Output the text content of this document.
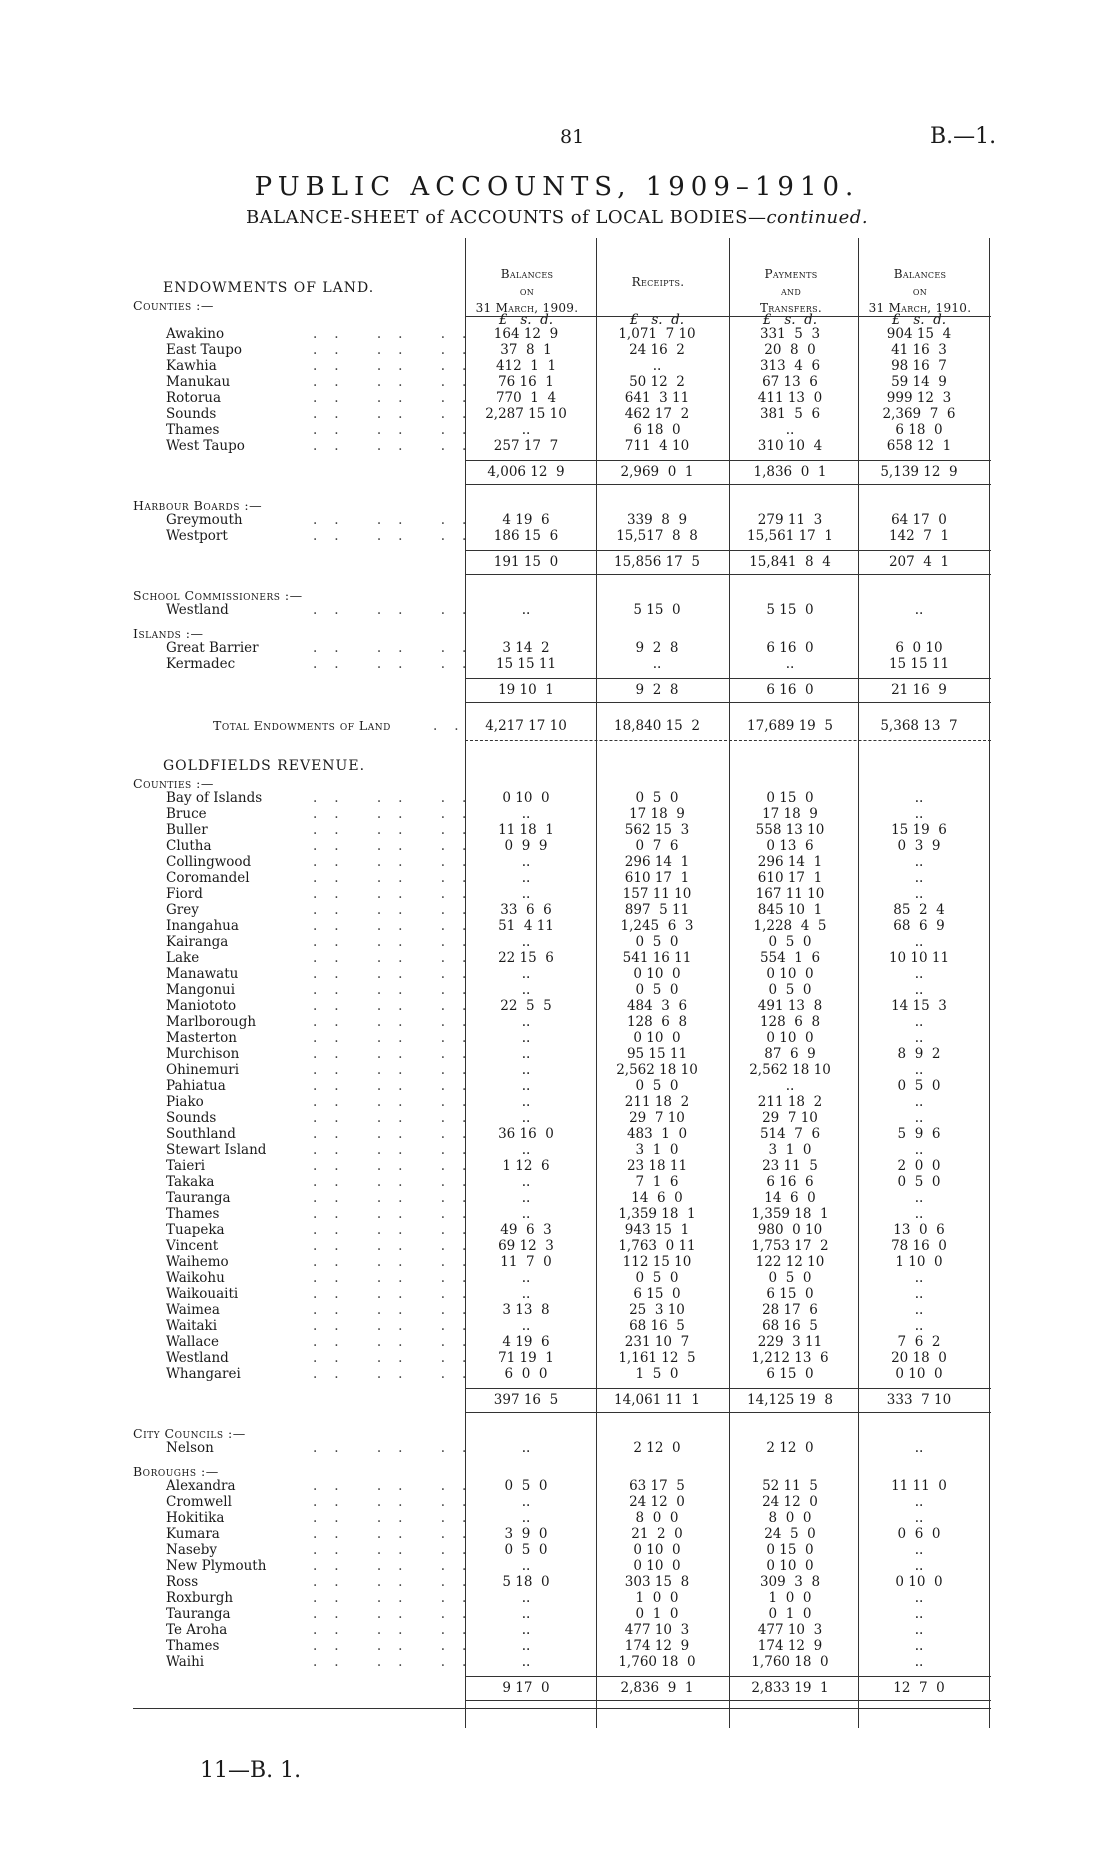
81	B.—1.
PUBLIC ACCOUNTS, 1909–1910.
BALANCE-SHEET of ACCOUNTS of LOCAL BODIES—continued.
Balances
on
31 March, 1909.
Receipts.
Payments
and
Transfers.
Balances
on
31 March, 1910.
ENDOWMENTS OF LAND.
Counties :—
£   s.  d.	£   s.  d.	£   s.  d.	£   s.  d.
Awakino	.. .. .. 164 12  9	1,071  7 10	331  5  3	904 15  4
East Taupo	.. .. ..	37  8  1	24 16  2	20  8  0	41 16  3
Kawhia	.. .. .. 412  1  1	..	313  4  6	98 16  7
Manukau	.. .. ..	76 16  1	50 12  2	67 13  6	59 14  9
Rotorua	.. .. .. 770  1  4	641  3 11	411 13  0	999 12  3
Sounds	.. .. .. 2,287 15 10	462 17  2	381  5  6	2,369  7  6
Thames	.. .. ..	..	6 18  0	..	6 18  0
West Taupo	.. .. .. 257 17  7	711  4 10	310 10  4	658 12  1
4,006 12  9	2,969  0  1	1,836  0  1	5,139 12  9
Harbour Boards :—
Greymouth	.. .. ..	4 19  6	339  8  9	279 11  3	64 17  0
Westport	.. .. .. 186 15  6	15,517  8  8	15,561 17  1	142  7  1
191 15  0	15,856 17  5	15,841  8  4	207  4  1
School Commissioners :—
Westland	.. .. ..	..	5 15  0	5 15  0	..
Islands :—
Great Barrier	.. .. ..	3 14  2	9  2  8	6 16  0	6  0 10
Kermadec	.. .. .. 15 15 11	..	..	15 15 11
19 10  1	9  2  8	6 16  0	21 16  9
Total Endowments of Land	.. 4,217 17 10	18,840 15  2	17,689 19  5	5,368 13  7
GOLDFIELDS REVENUE.
Counties :—
Bay of Islands	.. .. ..	0 10  0	0  5  0	0 15  0	..
Bruce	.. .. ..	..	17 18  9	17 18  9	..
Buller	.. .. ..	11 18  1	562 15  3	558 13 10	15 19  6
Clutha	.. .. ..	0  9  9	0  7  6	0 13  6	0  3  9
Collingwood	.. .. ..	..	296 14  1	296 14  1	..
Coromandel	.. .. ..	..	610 17  1	610 17  1	..
Fiord	.. .. ..	..	157 11 10	167 11 10	..
Grey	.. .. ..	33  6  6	897  5 11	845 10  1	85  2  4
Inangahua	.. .. ..	51  4 11	1,245  6  3	1,228  4  5	68  6  9
Kairanga	.. .. ..	..	0  5  0	0  5  0	..
Lake	.. .. ..	22 15  6	541 16 11	554  1  6	10 10 11
Manawatu	.. .. ..	..	0 10  0	0 10  0	..
Mangonui	.. .. ..	..	0  5  0	0  5  0	..
Maniototo	.. .. ..	22  5  5	484  3  6	491 13  8	14 15  3
Marlborough	.. .. ..	..	128  6  8	128  6  8	..
Masterton	.. .. ..	..	0 10  0	0 10  0	..
Murchison	.. .. ..	..	95 15 11	87  6  9	8  9  2
Ohinemuri	.. .. ..	..	2,562 18 10	2,562 18 10	..
Pahiatua	.. .. ..	..	0  5  0	..	0  5  0
Piako	.. .. ..	..	211 18  2	211 18  2	..
Sounds	.. .. ..	..	29  7 10	29  7 10	..
Southland	.. .. ..	36 16  0	483  1  0	514  7  6	5  9  6
Stewart Island	.. .. ..	..	3  1  0	3  1  0	..
Taieri	.. .. ..	1 12  6	23 18 11	23 11  5	2  0  0
Takaka	.. .. ..	..	7  1  6	6 16  6	0  5  0
Tauranga	.. .. ..	..	14  6  0	14  6  0	..
Thames	.. .. ..	..	1,359 18  1	1,359 18  1	..
Tuapeka	.. .. ..	49  6  3	943 15  1	980  0 10	13  0  6
Vincent	.. .. ..	69 12  3	1,763  0 11	1,753 17  2	78 16  0
Waihemo	.. .. ..	11  7  0	112 15 10	122 12 10	1 10  0
Waikohu	.. .. ..	..	0  5  0	0  5  0	..
Waikouaiti	.. .. ..	..	6 15  0	6 15  0	..
Waimea	.. .. ..	3 13  8	25  3 10	28 17  6	..
Waitaki	.. .. ..	..	68 16  5	68 16  5	..
Wallace	.. .. ..	4 19  6	231 10  7	229  3 11	7  6  2
Westland	.. .. ..	71 19  1	1,161 12  5	1,212 13  6	20 18  0
Whangarei	.. .. ..	6  0  0	1  5  0	6 15  0	0 10  0
397 16  5	14,061 11  1	14,125 19  8	333  7 10
City Councils :—
Nelson	.. .. ..	..	2 12  0	2 12  0	..
Boroughs :—
Alexandra	.. .. ..	0  5  0	63 17  5	52 11  5	11 11  0
Cromwell	.. .. ..	..	24 12  0	24 12  0	..
Hokitika	.. .. ..	..	8  0  0	8  0  0	..
Kumara	.. .. ..	3  9  0	21  2  0	24  5  0	0  6  0
Naseby	.. .. ..	0  5  0	0 10  0	0 15  0	..
New Plymouth	.. .. ..	..	0 10  0	0 10  0	..
Ross	.. .. ..	5 18  0	303 15  8	309  3  8	0 10  0
Roxburgh	.. .. ..	..	1  0  0	1  0  0	..
Tauranga	.. .. ..	..	0  1  0	0  1  0	..
Te Aroha	.. .. ..	..	477 10  3	477 10  3	..
Thames	.. .. ..	..	174 12  9	174 12  9	..
Waihi	.. .. ..	..	1,760 18  0	1,760 18  0	..
9 17  0	2,836  9  1	2,833 19  1	12  7  0
11—B. 1.
